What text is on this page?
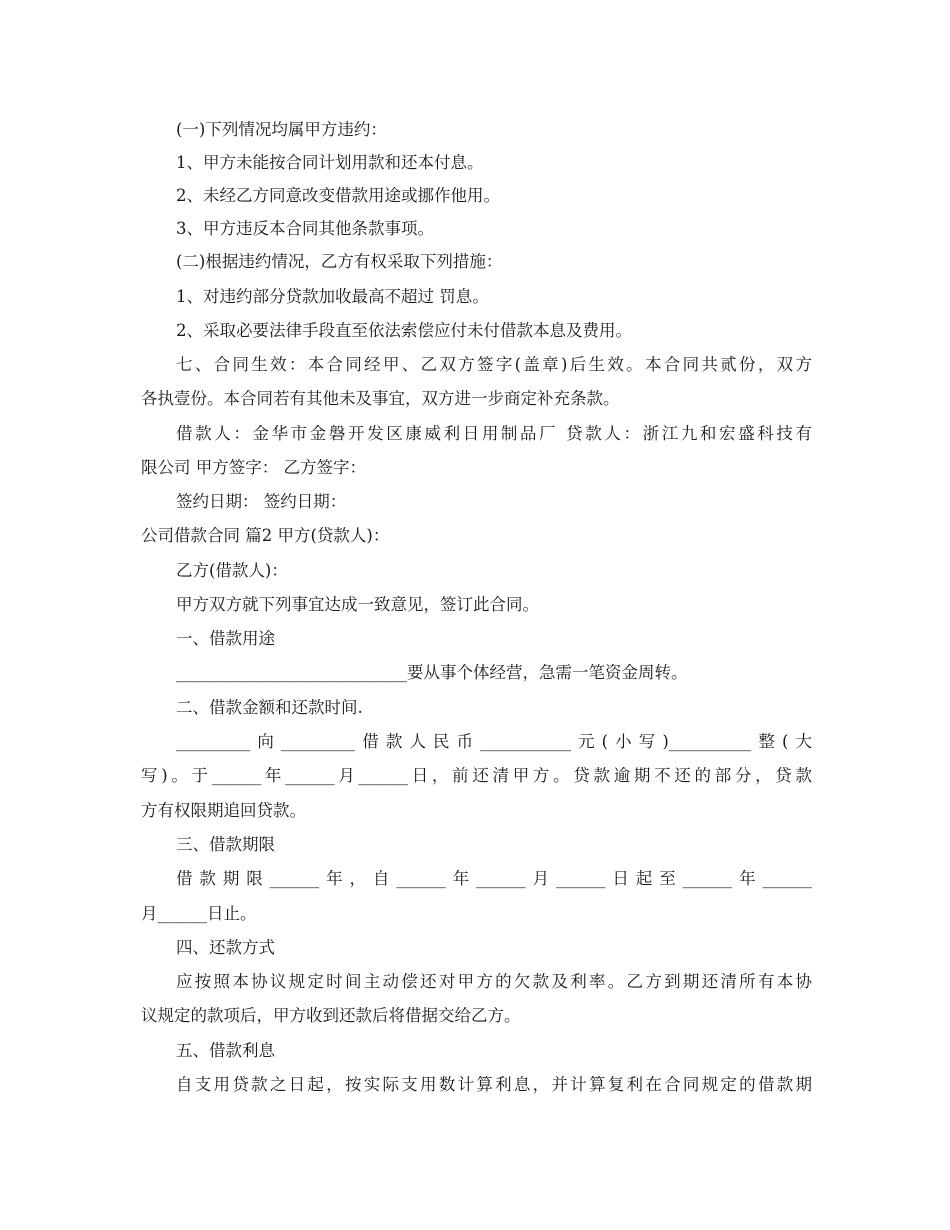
(一)下列情况均属甲方违约：
1、甲方未能按合同计划用款和还本付息。
2、未经乙方同意改变借款用途或挪作他用。
3、甲方违反本合同其他条款事项。
(二)根据违约情况，乙方有权采取下列措施：
1、对违约部分贷款加收最高不超过 罚息。
2、采取必要法律手段直至依法索偿应付未付借款本息及费用。
七、合同生效：本合同经甲、乙双方签字(盖章)后生效。本合同共贰份，双方
各执壹份。本合同若有其他未及事宜，双方进一步商定补充条款。
借款人：金华市金磐开发区康威利日用制品厂 贷款人：浙江九和宏盛科技有
限公司 甲方签字： 乙方签字：
签约日期： 签约日期：
公司借款合同 篇2 甲方(贷款人)：
乙方(借款人)：
甲方双方就下列事宜达成一致意见，签订此合同。
一、借款用途
____________________________要从事个体经营，急需一笔资金周转。
二、借款金额和还款时间.
_________向_________借款人民币___________元(小写)__________整(大
写)。于______年______月______日，前还清甲方。贷款逾期不还的部分，贷款
方有权限期追回贷款。
三、借款期限
借款期限______年，自______年______月______日起至______年______
月______日止。
四、还款方式
应按照本协议规定时间主动偿还对甲方的欠款及利率。乙方到期还清所有本协
议规定的款项后，甲方收到还款后将借据交给乙方。
五、借款利息
自支用贷款之日起，按实际支用数计算利息，并计算复利在合同规定的借款期
